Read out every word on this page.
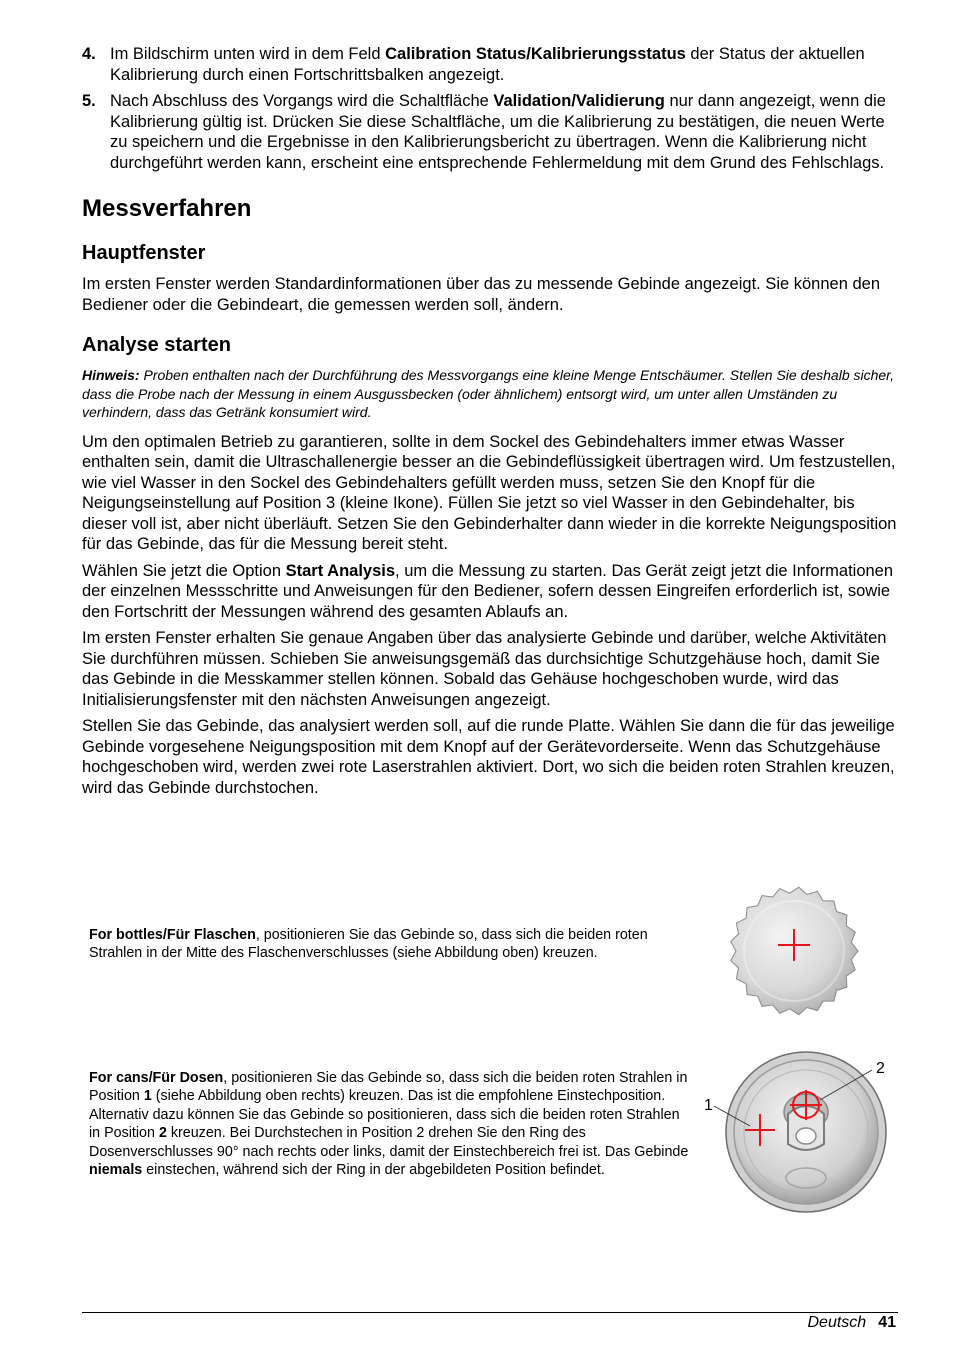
4. Im Bildschirm unten wird in dem Feld Calibration Status/Kalibrierungsstatus der Status der aktuellen Kalibrierung durch einen Fortschrittsbalken angezeigt.
5. Nach Abschluss des Vorgangs wird die Schaltfläche Validation/Validierung nur dann angezeigt, wenn die Kalibrierung gültig ist. Drücken Sie diese Schaltfläche, um die Kalibrierung zu bestätigen, die neuen Werte zu speichern und die Ergebnisse in den Kalibrierungsbericht zu übertragen. Wenn die Kalibrierung nicht durchgeführt werden kann, erscheint eine entsprechende Fehlermeldung mit dem Grund des Fehlschlags.
Messverfahren
Hauptfenster

Im ersten Fenster werden Standardinformationen über das zu messende Gebinde angezeigt. Sie können den Bediener oder die Gebindeart, die gemessen werden soll, ändern.

Analyse starten

Hinweis: Proben enthalten nach der Durchführung des Messvorgangs eine kleine Menge Entschäumer. Stellen Sie deshalb sicher, dass die Probe nach der Messung in einem Ausgussbecken (oder ähnlichem) entsorgt wird, um unter allen Umständen zu verhindern, dass das Getränk konsumiert wird.

Um den optimalen Betrieb zu garantieren, sollte in dem Sockel des Gebindehalters immer etwas Wasser enthalten sein, damit die Ultraschallenergie besser an die Gebindeflüssigkeit übertragen wird. Um festzustellen, wie viel Wasser in den Sockel des Gebindehalters gefüllt werden muss, setzen Sie den Knopf für die Neigungseinstellung auf Position 3 (kleine Ikone). Füllen Sie jetzt so viel Wasser in den Gebindehalter, bis dieser voll ist, aber nicht überläuft. Setzen Sie den Gebinderhalter dann wieder in die korrekte Neigungsposition für das Gebinde, das für die Messung bereit steht.

Wählen Sie jetzt die Option Start Analysis, um die Messung zu starten. Das Gerät zeigt jetzt die Informationen der einzelnen Messschritte und Anweisungen für den Bediener, sofern dessen Eingreifen erforderlich ist, sowie den Fortschritt der Messungen während des gesamten Ablaufs an.

Im ersten Fenster erhalten Sie genaue Angaben über das analysierte Gebinde und darüber, welche Aktivitäten Sie durchführen müssen. Schieben Sie anweisungsgemäß das durchsichtige Schutzgehäuse hoch, damit Sie das Gebinde in die Messkammer stellen können. Sobald das Gehäuse hochgeschoben wurde, wird das Initialisierungsfenster mit den nächsten Anweisungen angezeigt.

Stellen Sie das Gebinde, das analysiert werden soll, auf die runde Platte. Wählen Sie dann die für das jeweilige Gebinde vorgesehene Neigungsposition mit dem Knopf auf der Gerätevorderseite. Wenn das Schutzgehäuse hochgeschoben wird, werden zwei rote Laserstrahlen aktiviert. Dort, wo sich die beiden roten Strahlen kreuzen, wird das Gebinde durchstochen.

For bottles/Für Flaschen, positionieren Sie das Gebinde so, dass sich die beiden roten Strahlen in der Mitte des Flaschenverschlusses (siehe Abbildung oben) kreuzen.
For cans/Für Dosen, positionieren Sie das Gebinde so, dass sich die beiden roten Strahlen in Position 1 (siehe Abbildung oben rechts) kreuzen. Das ist die empfohlene Einstechposition. Alternativ dazu können Sie das Gebinde so positionieren, dass sich die beiden roten Strahlen in Position 2 kreuzen. Bei Durchstechen in Position 2 drehen Sie den Ring des Dosenverschlusses 90° nach rechts oder links, damit der Einstechbereich frei ist. Das Gebinde niemals einstechen, während sich der Ring in der abgebildeten Position befindet.
1
2
Deutsch 41
